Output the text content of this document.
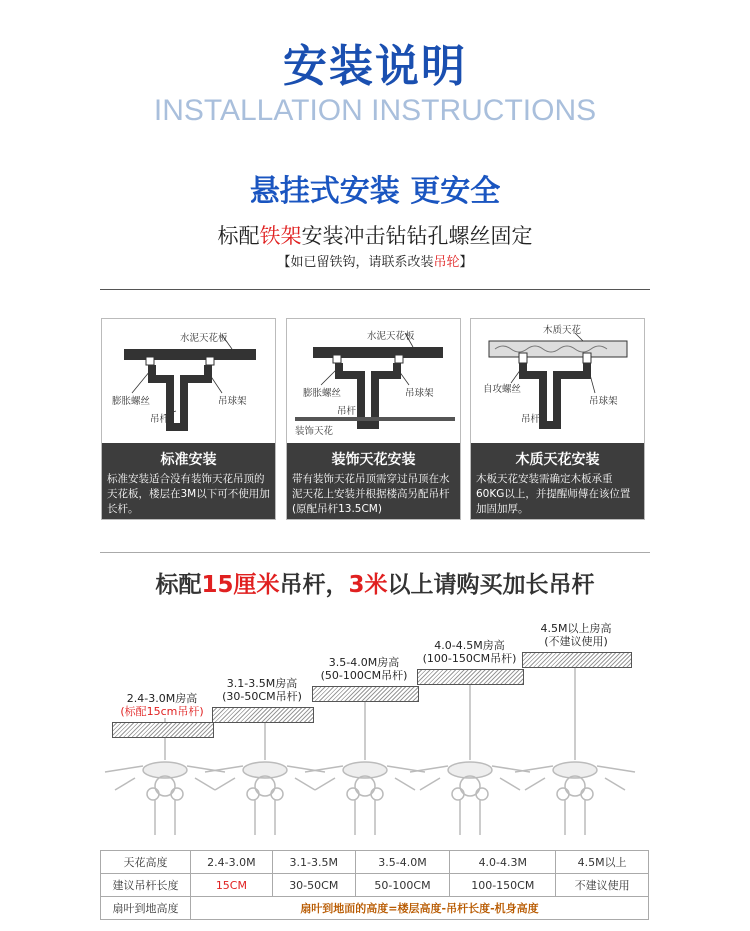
安装说明
INSTALLATION INSTRUCTIONS
悬挂式安装 更安全
标配铁架安装冲击钻钻孔螺丝固定
【如已留铁钩，请联系改装吊轮】
水泥天花板
膨胀螺丝	吊球架
吊杆
标准安装
标准安装适合没有装饰天花吊顶的天花板，楼层在3M以下可不使用加长杆。
水泥天花板
膨胀螺丝	吊球架
吊杆
装饰天花
装饰天花安装
带有装饰天花吊顶需穿过吊顶在水泥天花上安装并根据楼高另配吊杆(原配吊杆13.5CM)
木质天花
自攻螺丝
吊球架
吊杆
木质天花安装
木板天花安装需确定木板承重60KG以上，并提醒师傅在该位置加固加厚。
标配15厘米吊杆，3米以上请购买加长吊杆
2.4-3.0M房高
(标配15cm吊杆)
3.1-3.5M房高
(30-50CM吊杆)
3.5-4.0M房高
(50-100CM吊杆)
4.0-4.5M房高
(100-150CM吊杆)
4.5M以上房高
(不建议使用)
天花高度	2.4-3.0M	3.1-3.5M	3.5-4.0M	4.0-4.3M	4.5M以上
建议吊杆长度	15CM	30-50CM	50-100CM	100-150CM	不建议使用
扇叶到地高度	扇叶到地面的高度=楼层高度-吊杆长度-机身高度				
